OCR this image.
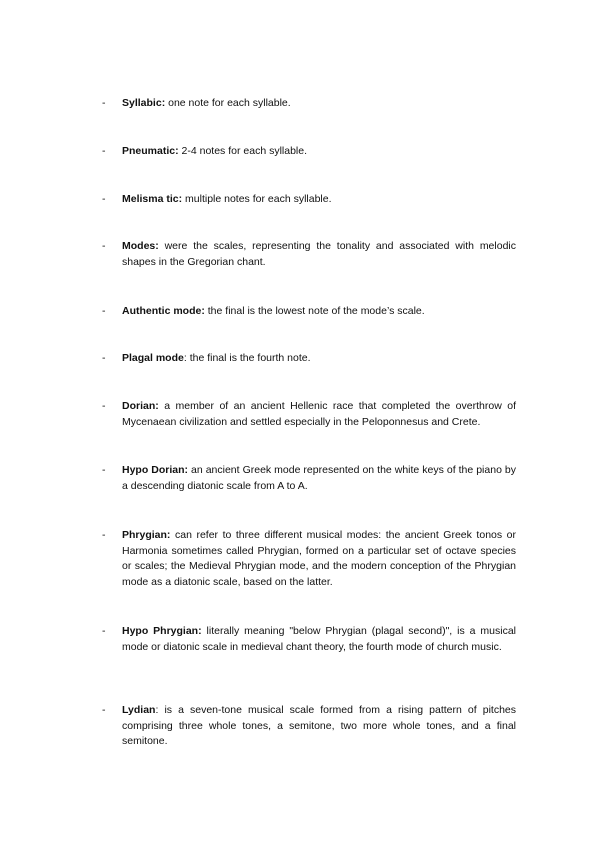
-	Syllabic: one note for each syllable.
-	Pneumatic: 2-4 notes for each syllable.
-	Melisma tic: multiple notes for each syllable.
-	Modes: were the scales, representing the tonality and associated with melodic shapes in the Gregorian chant.
-	Authentic mode: the final is the lowest note of the mode’s scale.
-	Plagal mode: the final is the fourth note.
-	Dorian: a member of an ancient Hellenic race that completed the overthrow of Mycenaean civilization and settled especially in the Peloponnesus and Crete.
-	Hypo Dorian: an ancient Greek mode represented on the white keys of the piano by a descending diatonic scale from A to A.
-	Phrygian: can refer to three different musical modes: the ancient Greek tonos or Harmonia sometimes called Phrygian, formed on a particular set of octave species or scales; the Medieval Phrygian mode, and the modern conception of the Phrygian mode as a diatonic scale, based on the latter.
-	Hypo Phrygian: literally meaning "below Phrygian (plagal second)", is a musical mode or diatonic scale in medieval chant theory, the fourth mode of church music.
-	Lydian: is a seven-tone musical scale formed from a rising pattern of pitches comprising three whole tones, a semitone, two more whole tones, and a final semitone.
